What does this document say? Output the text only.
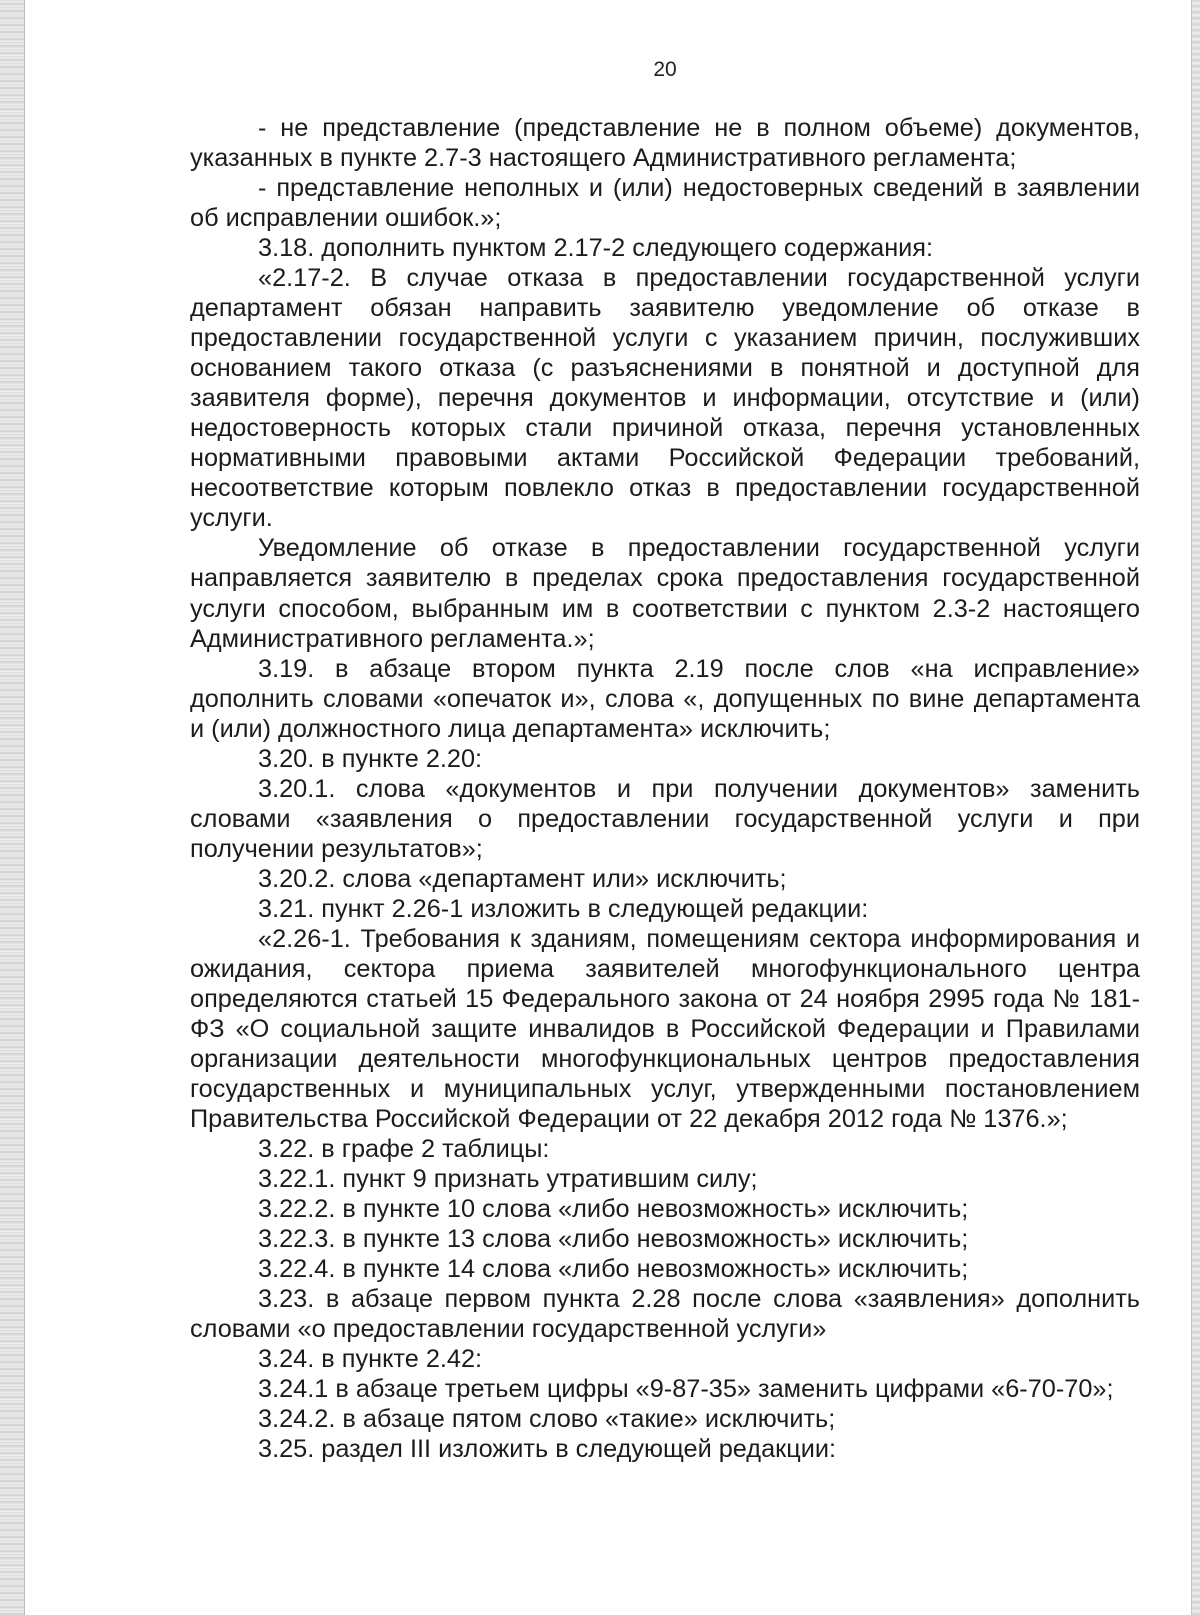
20

- не представление (представление не в полном объеме) документов, указанных в пункте 2.7-3 настоящего Административного регламента;

- представление неполных и (или) недостоверных сведений в заявлении об исправлении ошибок.»;

3.18. дополнить пунктом 2.17-2 следующего содержания:

«2.17-2. В случае отказа в предоставлении государственной услуги департамент обязан направить заявителю уведомление об отказе в предоставлении государственной услуги с указанием причин, послуживших основанием такого отказа (с разъяснениями в понятной и доступной для заявителя форме), перечня документов и информации, отсутствие и (или) недостоверность которых стали причиной отказа, перечня установленных нормативными правовыми актами Российской Федерации требований, несоответствие которым повлекло отказ в предоставлении государственной услуги.

Уведомление об отказе в предоставлении государственной услуги направляется заявителю в пределах срока предоставления государственной услуги способом, выбранным им в соответствии с пунктом 2.3-2 настоящего Административного регламента.»;

3.19. в абзаце втором пункта 2.19 после слов «на исправление» дополнить словами «опечаток и», слова «, допущенных по вине департамента и (или) должностного лица департамента» исключить;

3.20. в пункте 2.20:

3.20.1. слова «документов и при получении документов» заменить словами «заявления о предоставлении государственной услуги и при получении результатов»;

3.20.2. слова «департамент или» исключить;

3.21. пункт 2.26-1 изложить в следующей редакции:

«2.26-1. Требования к зданиям, помещениям сектора информирования и ожидания, сектора приема заявителей многофункционального центра определяются статьей 15 Федерального закона от 24 ноября 2995 года № 181-ФЗ «О социальной защите инвалидов в Российской Федерации и Правилами организации деятельности многофункциональных центров предоставления государственных и муниципальных услуг, утвержденными постановлением Правительства Российской Федерации от 22 декабря 2012 года № 1376.»;

3.22. в графе 2 таблицы:

3.22.1. пункт 9 признать утратившим силу;

3.22.2. в пункте 10 слова «либо невозможность» исключить;

3.22.3. в пункте 13 слова «либо невозможность» исключить;

3.22.4. в пункте 14 слова «либо невозможность» исключить;

3.23. в абзаце первом пункта 2.28 после слова «заявления» дополнить словами «о предоставлении государственной услуги»

3.24. в пункте 2.42:

3.24.1 в абзаце третьем цифры «9-87-35» заменить цифрами «6-70-70»;

3.24.2. в абзаце пятом слово «такие» исключить;

3.25. раздел III изложить в следующей редакции:
